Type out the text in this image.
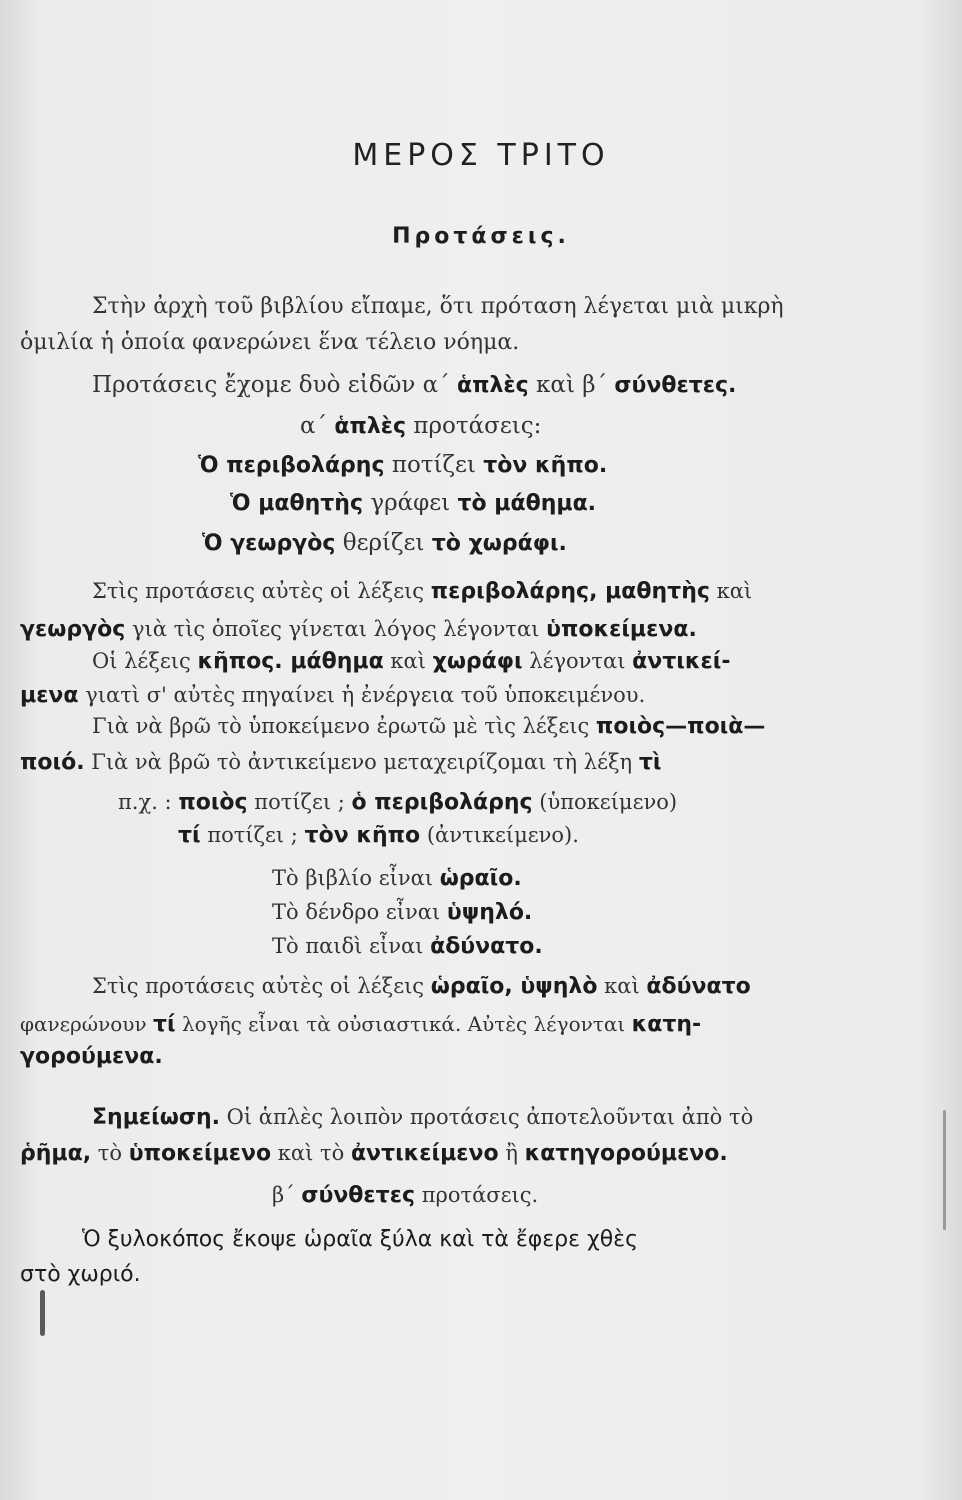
ΜΕΡΟΣ ΤΡΙΤΟ
Προτάσεις.
Στὴν ἀρχὴ τοῦ βιβλίου εἴπαμε, ὅτι πρόταση λέγεται μιὰ μικρὴ
ὁμιλία ἡ ὁποία φανερώνει ἕνα τέλειο νόημα.
Προτάσεις ἔχομε δυὸ εἰδῶν α΄ ἁπλὲς καὶ β΄ σύνθετες.
α΄ ἁπλὲς προτάσεις:
Ὁ περιβολάρης ποτίζει τὸν κῆπο.
Ὁ μαθητὴς γράφει τὸ μάθημα.
Ὁ γεωργὸς θερίζει τὸ χωράφι.
Στὶς προτάσεις αὐτὲς οἱ λέξεις περιβολάρης, μαθητὴς καὶ
γεωργὸς γιὰ τὶς ὁποῖες γίνεται λόγος λέγονται ὑποκείμενα.
Οἱ λέξεις κῆπος. μάθημα καὶ χωράφι λέγονται ἀντικεί-
μενα γιατὶ σ' αὐτὲς πηγαίνει ἡ ἐνέργεια τοῦ ὑποκειμένου.
Γιὰ νὰ βρῶ τὸ ὑποκείμενο ἐρωτῶ μὲ τὶς λέξεις ποιὸς—ποιὰ—
ποιό. Γιὰ νὰ βρῶ τὸ ἀντικείμενο μεταχειρίζομαι τὴ λέξη τὶ
π.χ. : ποιὸς ποτίζει ; ὁ περιβολάρης (ὑποκείμενο)
τί ποτίζει ; τὸν κῆπο (ἀντικείμενο).
Τὸ βιβλίο εἶναι ὡραῖο.
Τὸ δένδρο εἶναι ὑψηλό.
Τὸ παιδὶ εἶναι ἀδύνατο.
Στὶς προτάσεις αὐτὲς οἱ λέξεις ὡραῖο, ὑψηλὸ καὶ ἀδύνατο
φανερώνουν τί λογῆς εἶναι τὰ οὐσιαστικά. Αὐτὲς λέγονται κατη-
γορούμενα.
Σημείωση. Οἱ ἁπλὲς λοιπὸν προτάσεις ἀποτελοῦνται ἀπὸ τὸ
ῥῆμα, τὸ ὑποκείμενο καὶ τὸ ἀντικείμενο ἢ κατηγορούμενο.
β΄ σύνθετες προτάσεις.
Ὁ ξυλοκόπος ἔκοψε ὡραῖα ξύλα καὶ τὰ ἔφερε χθὲς
στὸ χωριό.
